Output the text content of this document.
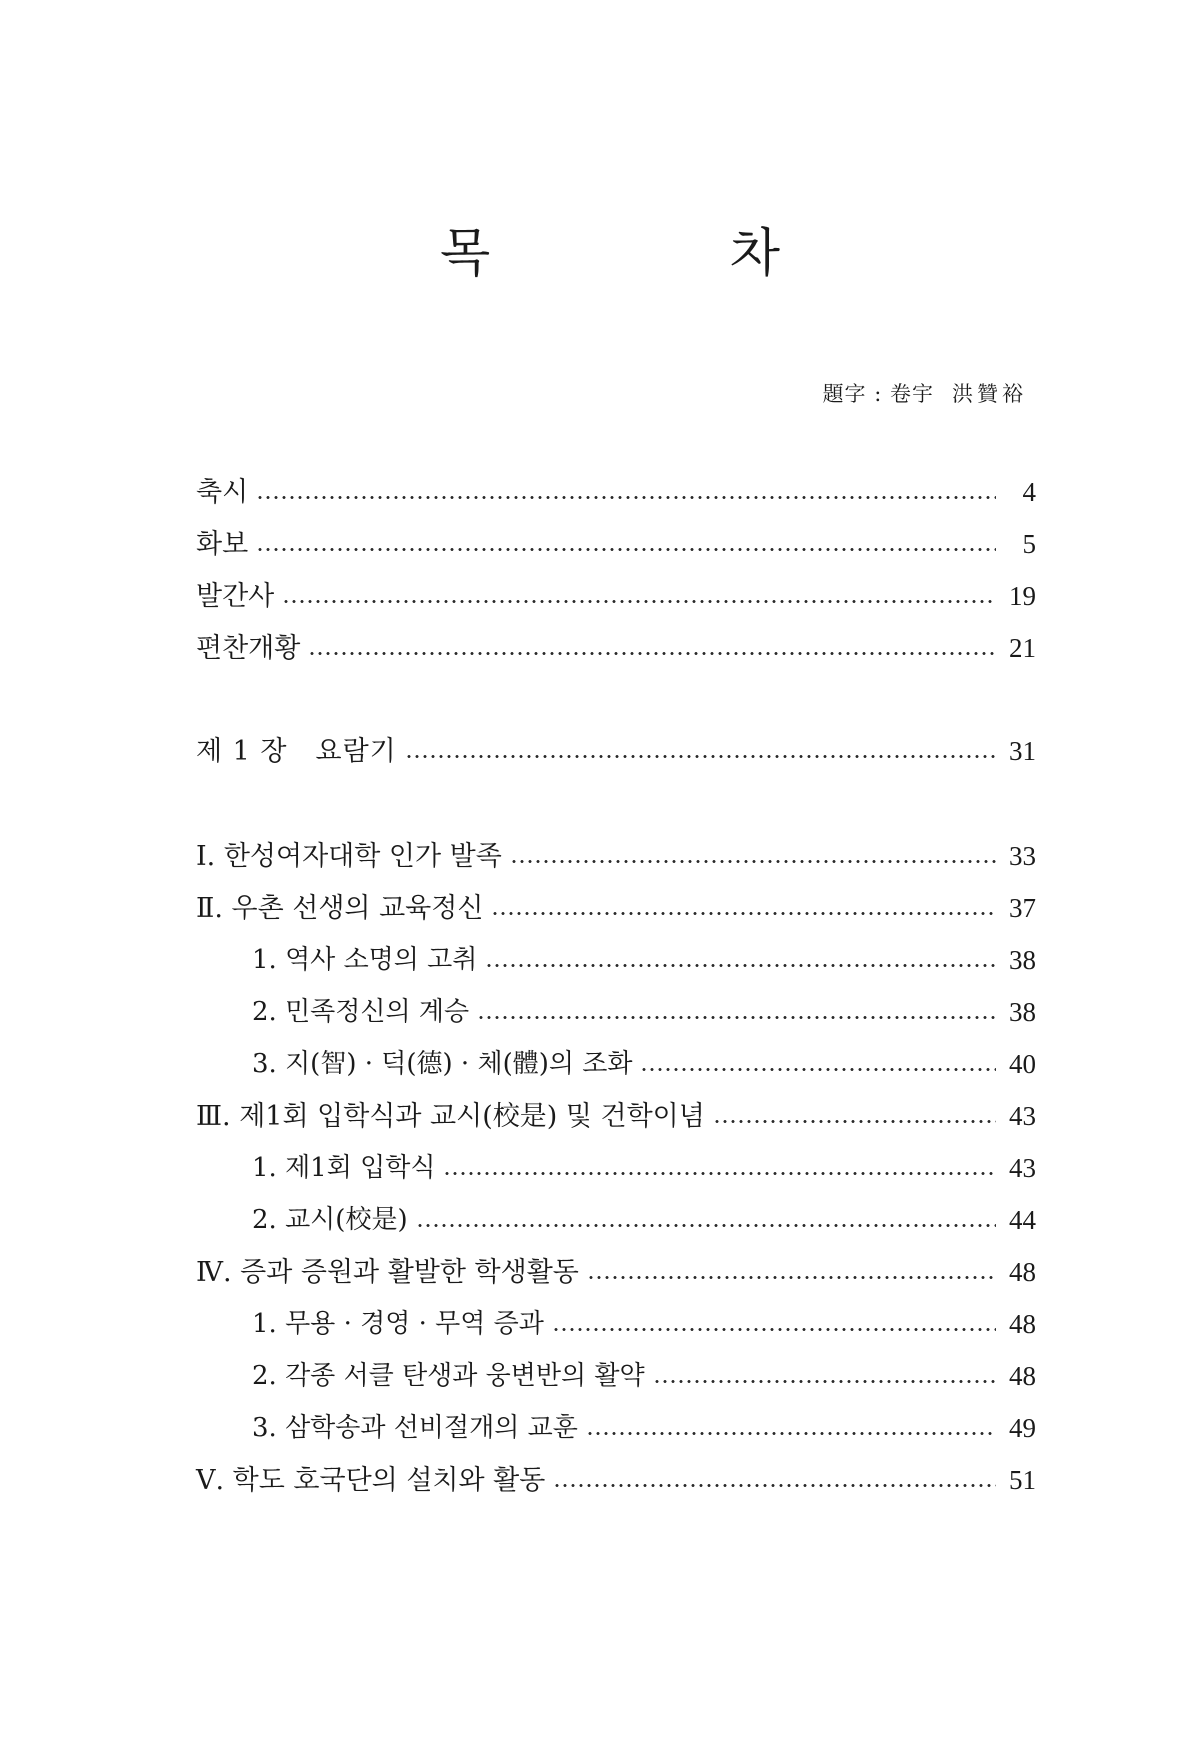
목	차
題字 : 卷宇 洪贊裕
축시	4
화보	5
발간사	19
편찬개황	21
제 1 장 요람기	31
Ⅰ. 한성여자대학 인가 발족	33
Ⅱ. 우촌 선생의 교육정신	37
1. 역사 소명의 고취	38
2. 민족정신의 계승	38
3. 지(智) · 덕(德) · 체(體)의 조화	40
Ⅲ. 제1회 입학식과 교시(校是) 및 건학이념	43
1. 제1회 입학식	43
2. 교시(校是)	44
Ⅳ. 증과 증원과 활발한 학생활동	48
1. 무용 · 경영 · 무역 증과	48
2. 각종 서클 탄생과 웅변반의 활약	48
3. 삼학송과 선비절개의 교훈	49
Ⅴ. 학도 호국단의 설치와 활동	51
